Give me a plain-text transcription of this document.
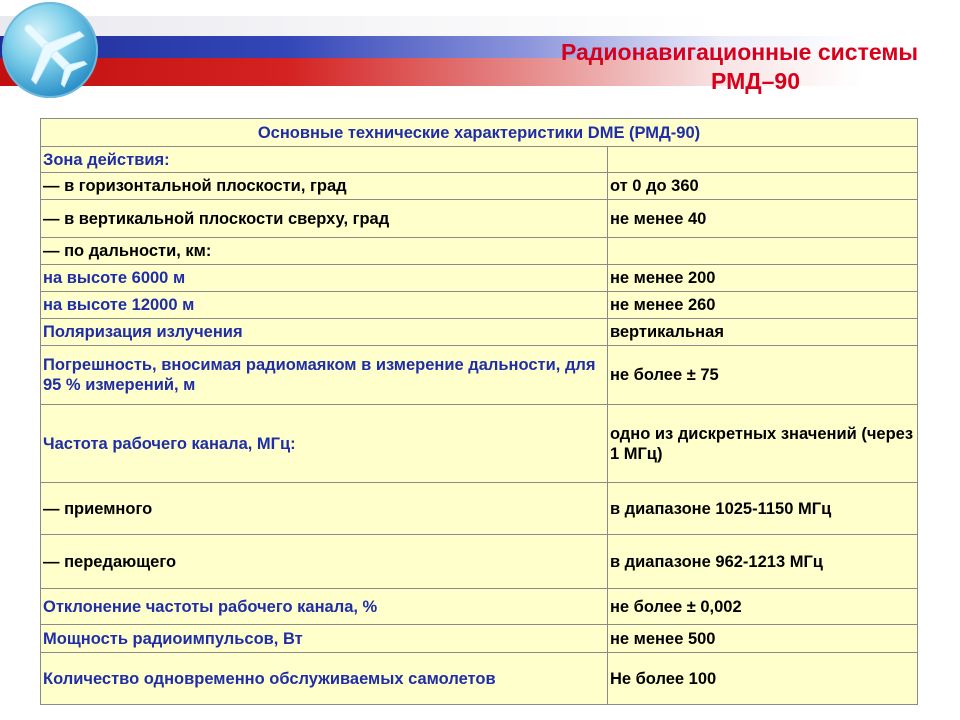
Радионавигационные системы
РМД–90
Основные технические характеристики DME (РМД-90)	
Зона действия:	
— в горизонтальной плоскости, град	от 0 до 360
— в вертикальной плоскости сверху, град	не менее 40
— по дальности, км:	
на высоте 6000 м	не менее 200
на высоте 12000 м	не менее 260
Поляризация излучения	вертикальная
Погрешность, вносимая радиомаяком в измерение дальности, для 95 % измерений, м	не более ± 75
Частота рабочего канала, МГц:	одно из дискретных значений (через 1 МГц)
— приемного	в диапазоне 1025-1150 МГц
— передающего	в диапазоне 962-1213 МГц
Отклонение частоты рабочего канала, %	не более ± 0,002
Мощность радиоимпульсов, Вт	не менее 500
Количество одновременно обслуживаемых самолетов	Не более 100
